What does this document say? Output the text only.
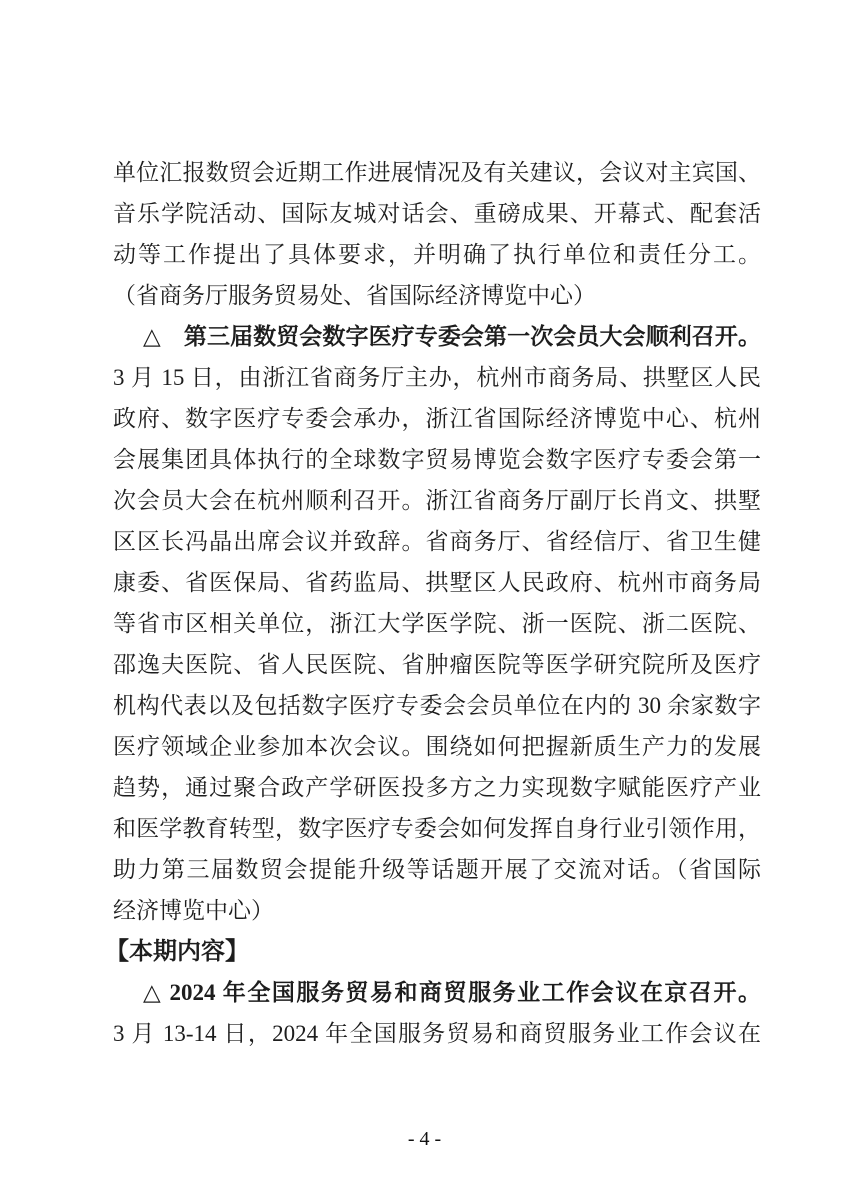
单位汇报数贸会近期工作进展情况及有关建议，会议对主宾国、
音乐学院活动、国际友城对话会、重磅成果、开幕式、配套活
动等工作提出了具体要求，并明确了执行单位和责任分工。
（省商务厅服务贸易处、省国际经济博览中心）
△　第三届数贸会数字医疗专委会第一次会员大会顺利召开。
3 月 15 日，由浙江省商务厅主办，杭州市商务局、拱墅区人民
政府、数字医疗专委会承办，浙江省国际经济博览中心、杭州
会展集团具体执行的全球数字贸易博览会数字医疗专委会第一
次会员大会在杭州顺利召开。浙江省商务厅副厅长肖文、拱墅
区区长冯晶出席会议并致辞。省商务厅、省经信厅、省卫生健
康委、省医保局、省药监局、拱墅区人民政府、杭州市商务局
等省市区相关单位，浙江大学医学院、浙一医院、浙二医院、
邵逸夫医院、省人民医院、省肿瘤医院等医学研究院所及医疗
机构代表以及包括数字医疗专委会会员单位在内的 30 余家数字
医疗领域企业参加本次会议。围绕如何把握新质生产力的发展
趋势，通过聚合政产学研医投多方之力实现数字赋能医疗产业
和医学教育转型，数字医疗专委会如何发挥自身行业引领作用，
助力第三届数贸会提能升级等话题开展了交流对话。（省国际
经济博览中心）
【本期内容】
△ 2024 年全国服务贸易和商贸服务业工作会议在京召开。
3 月 13-14 日，2024 年全国服务贸易和商贸服务业工作会议在
- 4 -
